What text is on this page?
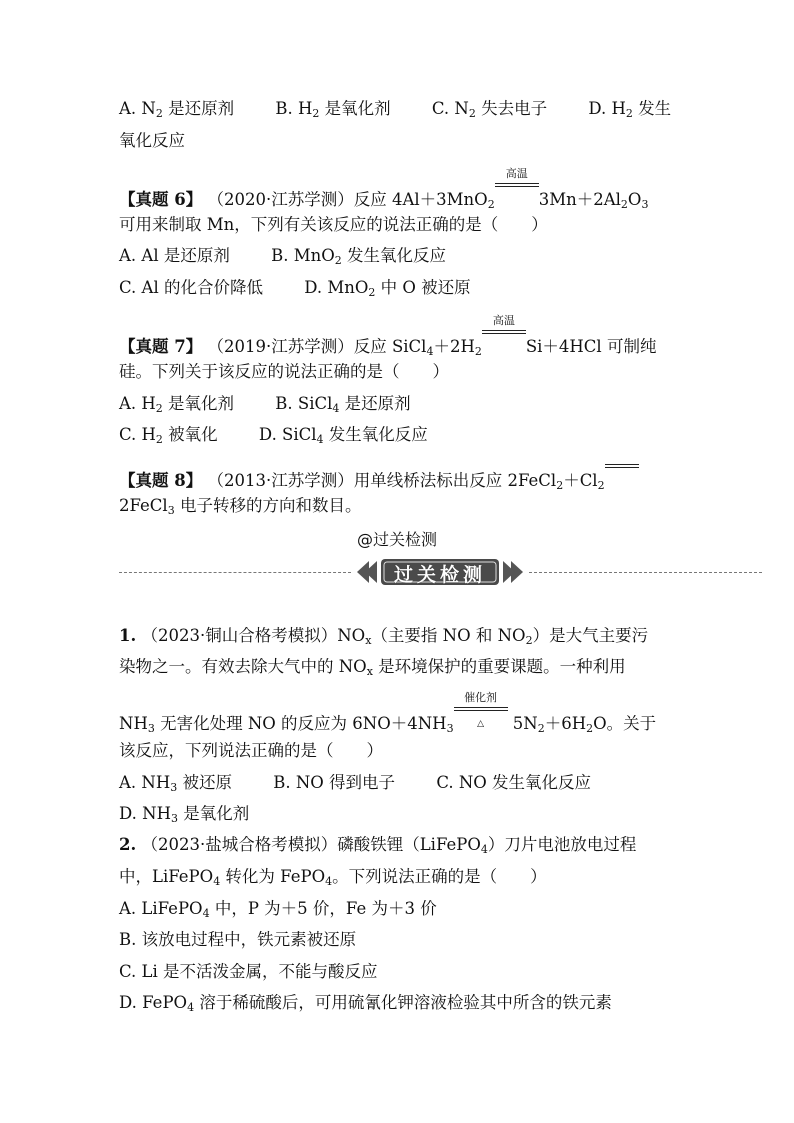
A. $N_2$ 是还原剂	B. $H_2$ 是氧化剂	C. $N_2$ 失去电子	D. $H_2$ 发生
氧化反应
【真题 6】 （2020·江苏学测）反应 4Al＋3MnO$_2$
高温
$3Mn+2Al_2O_3$
可用来制取 Mn，下列有关该反应的说法正确的是（　　）
A. Al 是还原剂	B. MnO$_2$ 发生氧化反应
C. Al 的化合价降低	D. MnO$_2$ 中 O 被还原
【真题 7】 （2019·江苏学测）反应 $SiCl_4+2H_2$
高温
Si＋4HCl 可制纯
硅。下列关于该反应的说法正确的是（　　）
A. $H_2$ 是氧化剂	B. SiCl$_4$ 是还原剂
C. $H_2$ 被氧化	D. SiCl$_4$ 发生氧化反应
【真题 8】 （2013·江苏学测）用单线桥法标出反应 $2FeCl_2+Cl_2$
2FeCl$_3$ 电子转移的方向和数目。
@过关检测
过关检测
1. （2023·铜山合格考模拟）$NO_x$（主要指 NO 和 $NO_2$）是大气主要污
染物之一。有效去除大气中的 $NO_x$ 是环境保护的重要课题。一种利用
$NH_3$ 无害化处理 NO 的反应为 $6NO+4NH_3$
催化剂
△	$5N_2+6H_2O$。关于
该反应，下列说法正确的是（　　）
A. $NH_3$ 被还原	B. NO 得到电子	C. NO 发生氧化反应
D. $NH_3$ 是氧化剂
2. （2023·盐城合格考模拟）磷酸铁锂（LiFePO$_4$）刀片电池放电过程
中，LiFePO$_4$ 转化为 FePO$_4$。下列说法正确的是（　　）
A. LiFePO$_4$ 中，P 为＋5 价，Fe 为＋3 价
B. 该放电过程中，铁元素被还原
C. Li 是不活泼金属，不能与酸反应
D. FePO$_4$ 溶于稀硫酸后，可用硫氰化钾溶液检验其中所含的铁元素
